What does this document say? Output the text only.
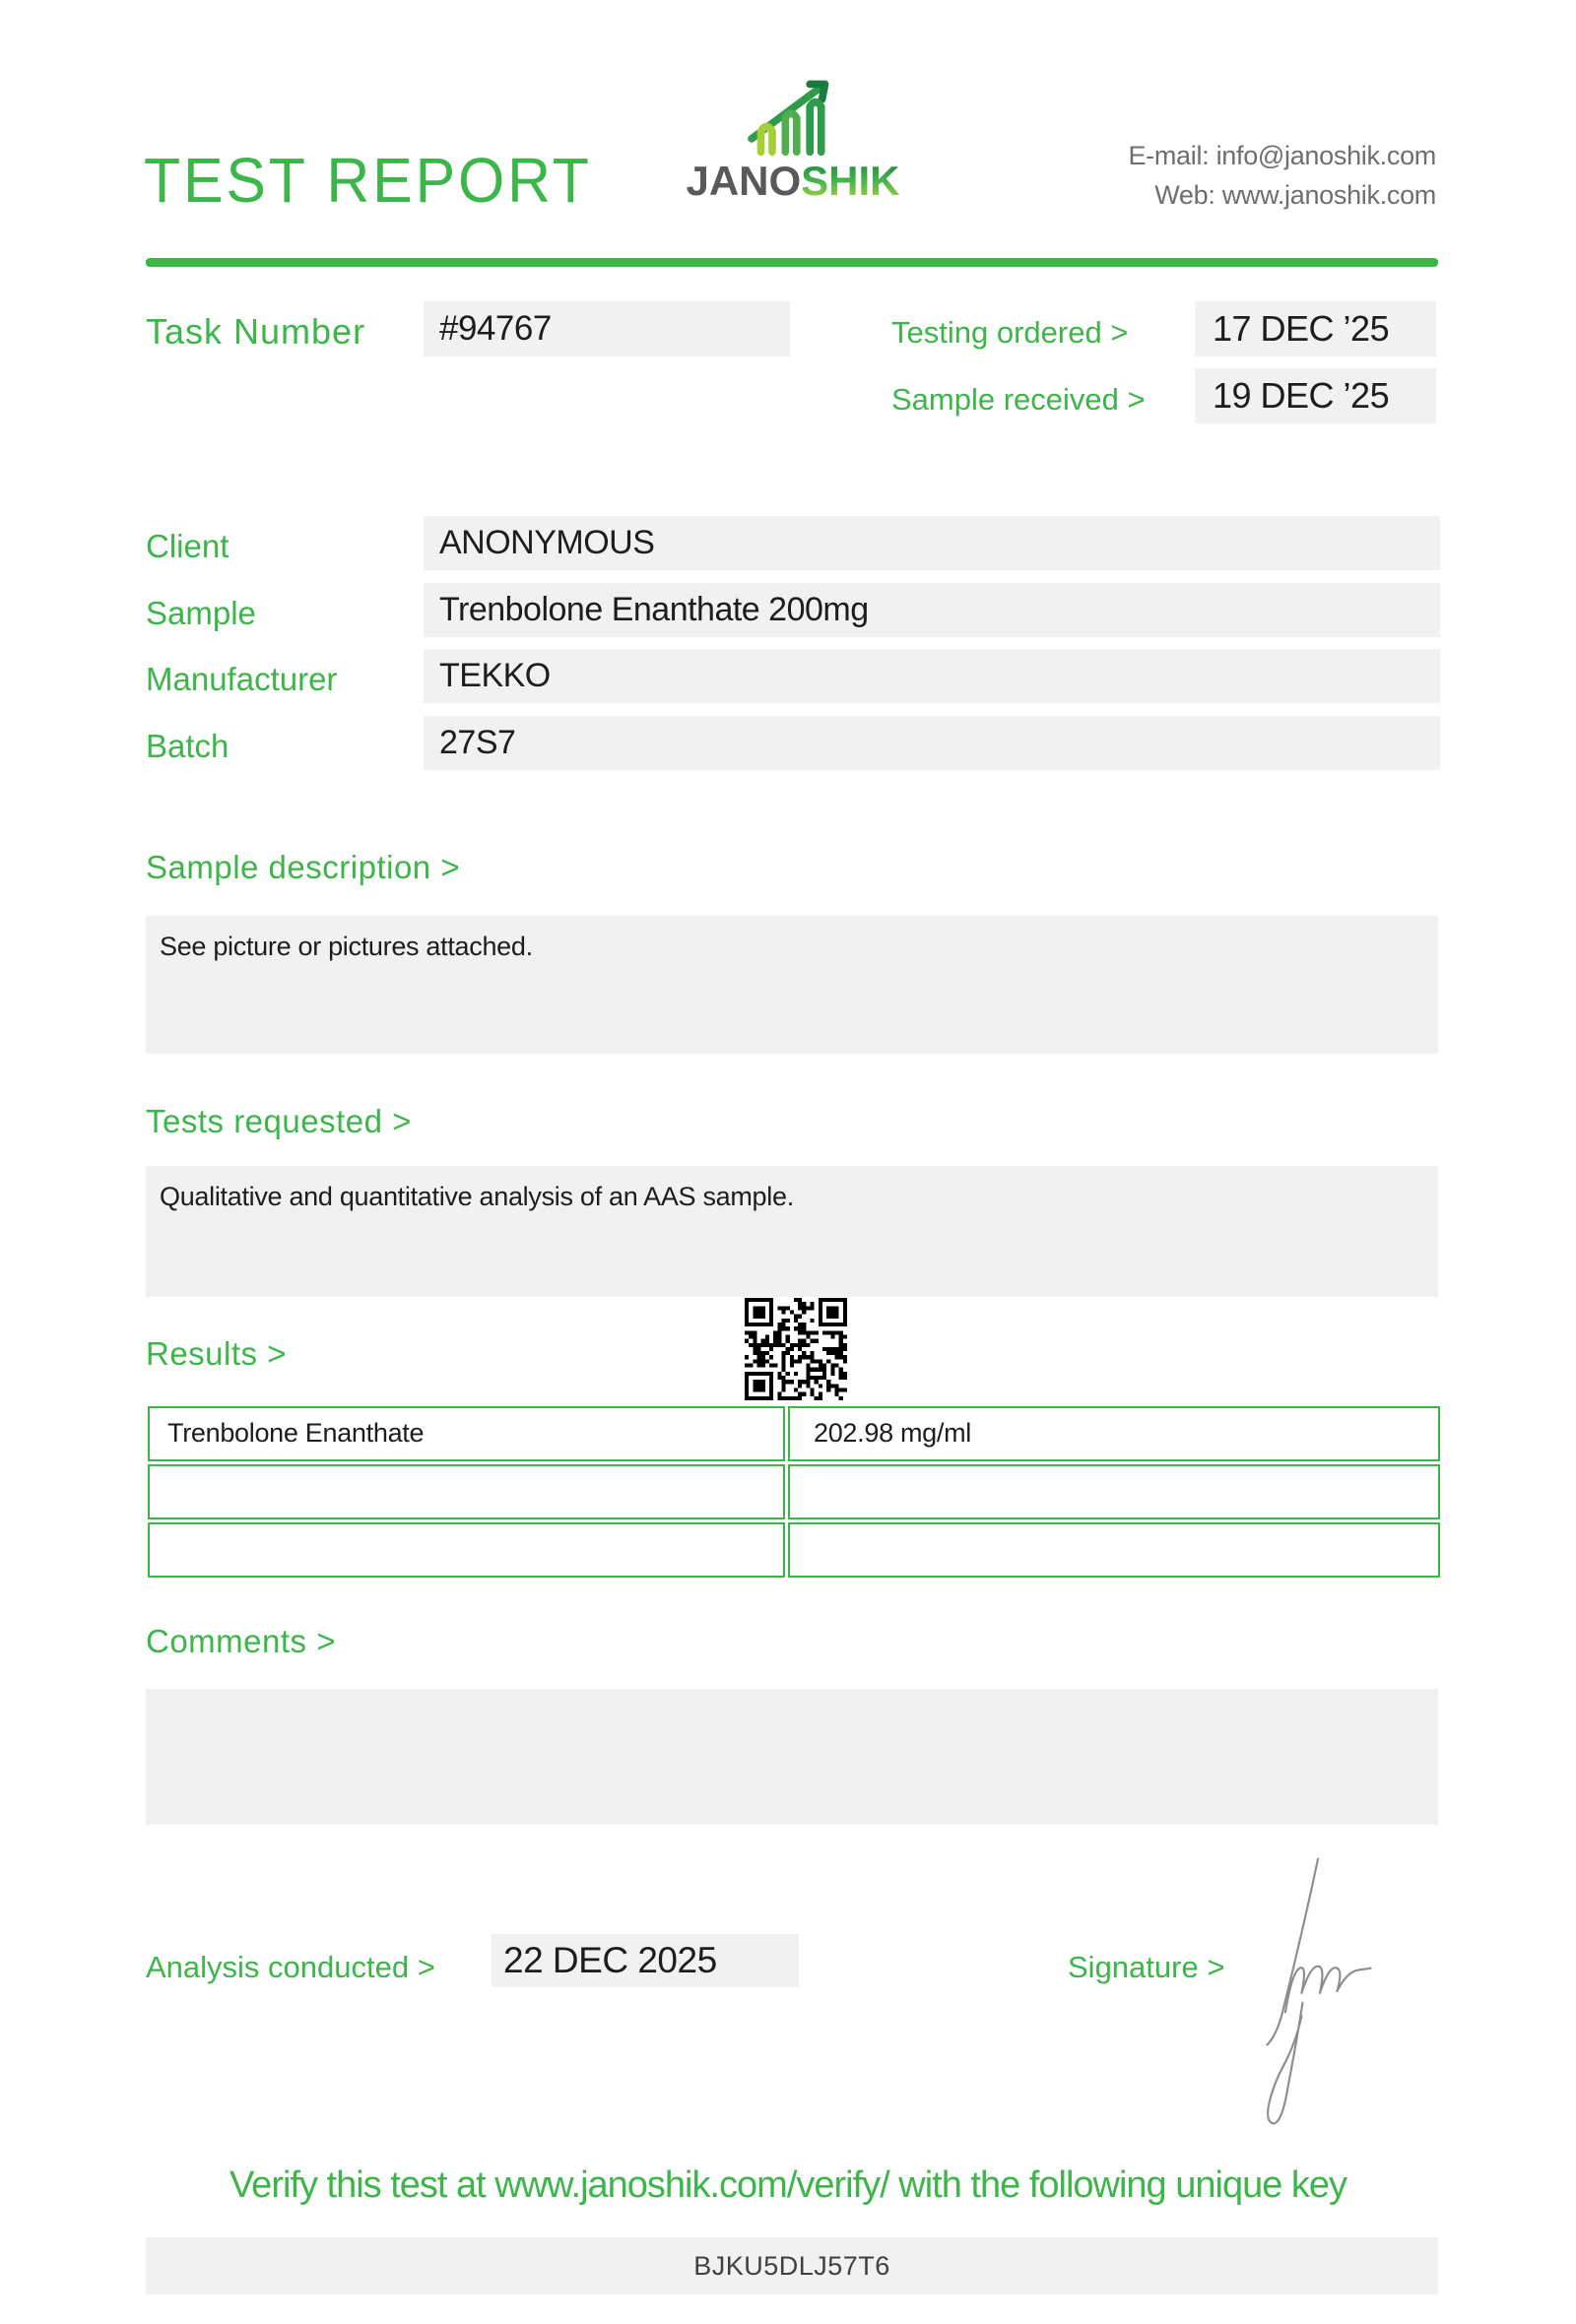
TEST REPORT JANOSHIK
E-mail: info@janoshik.com
Web: www.janoshik.com
Task Number	#94767	Testing ordered >	17 DEC ’25
Sample received >	19 DEC ’25
Client	ANONYMOUS
Sample	Trenbolone Enanthate 200mg
Manufacturer	TEKKO
Batch	27S7
Sample description >
See picture or pictures attached.
Tests requested >
Qualitative and quantitative analysis of an AAS sample.
Results >
Trenbolone Enanthate	202.98 mg/ml
Comments >
Analysis conducted >	22 DEC 2025	Signature >
Verify this test at www.janoshik.com/verify/ with the following unique key
BJKU5DLJ57T6
